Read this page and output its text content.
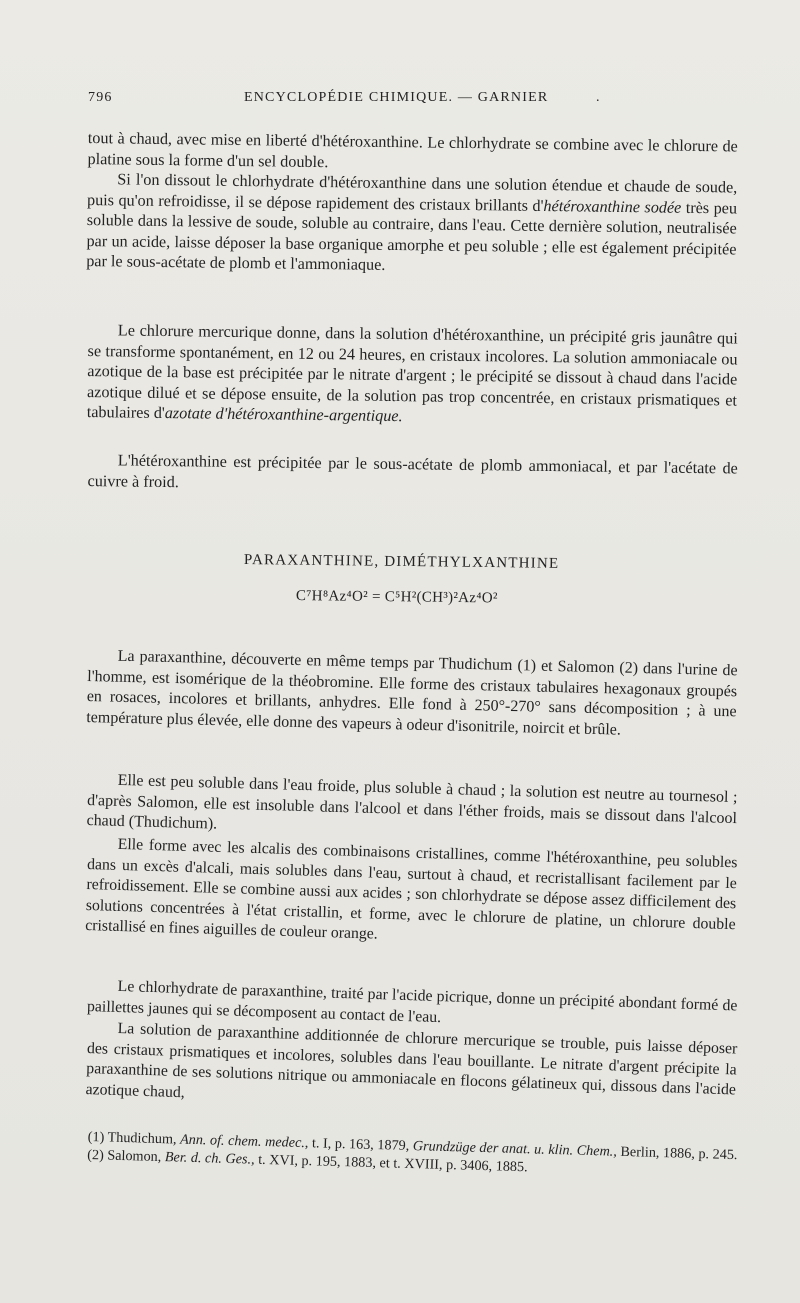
796	ENCYCLOPÉDIE CHIMIQUE. — GARNIER	.

tout à chaud, avec mise en liberté d'hétéroxanthine. Le chlorhydrate se combine avec le chlorure de platine sous la forme d'un sel double.

Si l'on dissout le chlorhydrate d'hétéroxanthine dans une solution étendue et chaude de soude, puis qu'on refroidisse, il se dépose rapidement des cristaux brillants d'hétéroxanthine sodée très peu soluble dans la lessive de soude, soluble au contraire, dans l'eau. Cette dernière solution, neutralisée par un acide, laisse déposer la base organique amorphe et peu soluble ; elle est également précipitée par le sous-acétate de plomb et l'ammoniaque.

Le chlorure mercurique donne, dans la solution d'hétéroxanthine, un précipité gris jaunâtre qui se transforme spontanément, en 12 ou 24 heures, en cristaux incolores. La solution ammoniacale ou azotique de la base est précipitée par le nitrate d'argent ; le précipité se dissout à chaud dans l'acide azotique dilué et se dépose ensuite, de la solution pas trop concentrée, en cristaux prismatiques et tabulaires d'azotate d'hétéroxanthine-argentique.

L'hétéroxanthine est précipitée par le sous-acétate de plomb ammoniacal, et par l'acétate de cuivre à froid.

PARAXANTHINE, DIMÉTHYLXANTHINE
C⁷H⁸Az⁴O² = C⁵H²(CH³)²Az⁴O²

La paraxanthine, découverte en même temps par Thudichum (1) et Salomon (2) dans l'urine de l'homme, est isomérique de la théobromine. Elle forme des cristaux tabulaires hexagonaux groupés en rosaces, incolores et brillants, anhydres. Elle fond à 250°-270° sans décomposition ; à une température plus élevée, elle donne des vapeurs à odeur d'isonitrile, noircit et brûle.

Elle est peu soluble dans l'eau froide, plus soluble à chaud ; la solution est neutre au tournesol ; d'après Salomon, elle est insoluble dans l'alcool et dans l'éther froids, mais se dissout dans l'alcool chaud (Thudichum).

Elle forme avec les alcalis des combinaisons cristallines, comme l'hétéroxanthine, peu solubles dans un excès d'alcali, mais solubles dans l'eau, surtout à chaud, et recristallisant facilement par le refroidissement. Elle se combine aussi aux acides ; son chlorhydrate se dépose assez difficilement des solutions concentrées à l'état cristallin, et forme, avec le chlorure de platine, un chlorure double cristallisé en fines aiguilles de couleur orange.

Le chlorhydrate de paraxanthine, traité par l'acide picrique, donne un précipité abondant formé de paillettes jaunes qui se décomposent au contact de l'eau.

La solution de paraxanthine additionnée de chlorure mercurique se trouble, puis laisse déposer des cristaux prismatiques et incolores, solubles dans l'eau bouillante. Le nitrate d'argent précipite la paraxanthine de ses solutions nitrique ou ammoniacale en flocons gélatineux qui, dissous dans l'acide azotique chaud,

(1) Thudichum, Ann. of. chem. medec., t. I, p. 163, 1879, Grundzüge der anat. u. klin. Chem., Berlin, 1886, p. 245.

(2) Salomon, Ber. d. ch. Ges., t. XVI, p. 195, 1883, et t. XVIII, p. 3406, 1885.
